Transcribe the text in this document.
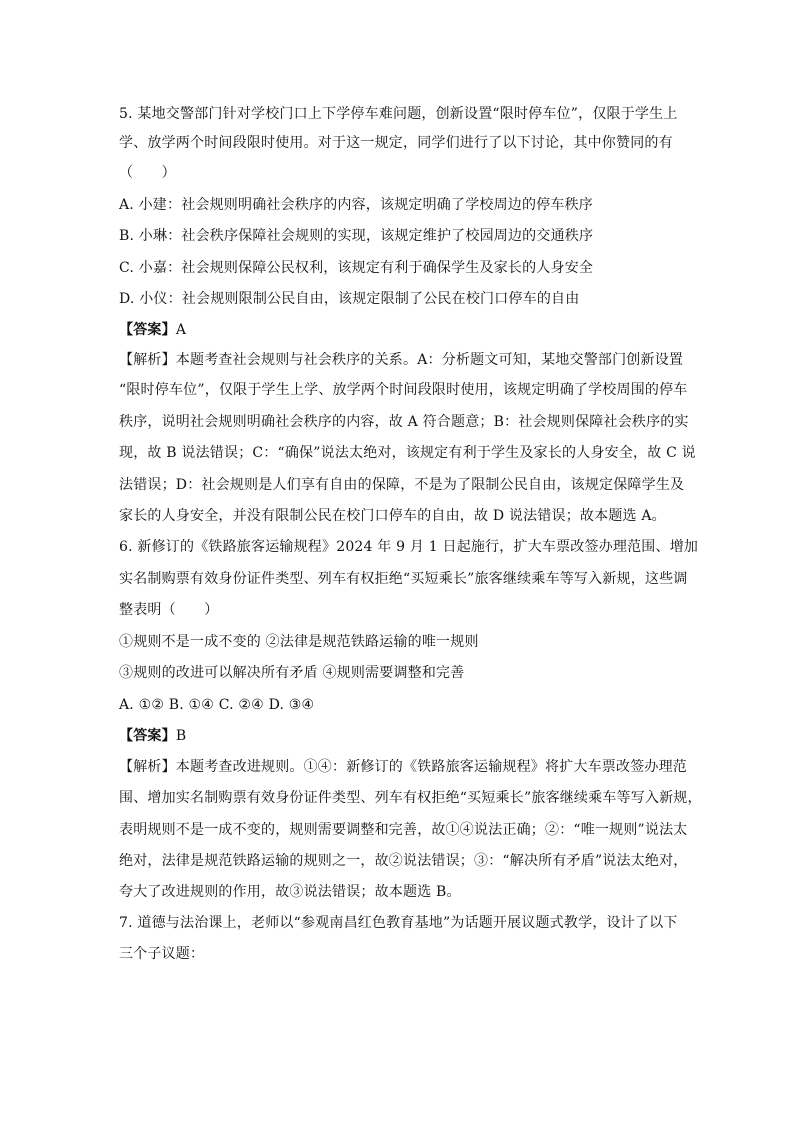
5. 某地交警部门针对学校门口上下学停车难问题，创新设置“限时停车位”，仅限于学生上
学、放学两个时间段限时使用。对于这一规定，同学们进行了以下讨论，其中你赞同的有
（　　）
A. 小建：社会规则明确社会秩序的内容，该规定明确了学校周边的停车秩序
B. 小琳：社会秩序保障社会规则的实现，该规定维护了校园周边的交通秩序
C. 小嘉：社会规则保障公民权利，该规定有利于确保学生及家长的人身安全
D. 小仪：社会规则限制公民自由，该规定限制了公民在校门口停车的自由
【答案】A
【解析】本题考查社会规则与社会秩序的关系。A：分析题文可知，某地交警部门创新设置
“限时停车位”，仅限于学生上学、放学两个时间段限时使用，该规定明确了学校周围的停车
秩序，说明社会规则明确社会秩序的内容，故 A 符合题意；B：社会规则保障社会秩序的实
现，故 B 说法错误；C：“确保”说法太绝对，该规定有利于学生及家长的人身安全，故 C 说
法错误；D：社会规则是人们享有自由的保障，不是为了限制公民自由，该规定保障学生及
家长的人身安全，并没有限制公民在校门口停车的自由，故 D 说法错误；故本题选 A。
6. 新修订的《铁路旅客运输规程》2024 年 9 月 1 日起施行，扩大车票改签办理范围、增加
实名制购票有效身份证件类型、列车有权拒绝“买短乘长”旅客继续乘车等写入新规，这些调
整表明（　　）
①规则不是一成不变的 ②法律是规范铁路运输的唯一规则
③规则的改进可以解决所有矛盾 ④规则需要调整和完善
A. ①② B. ①④ C. ②④ D. ③④
【答案】B
【解析】本题考查改进规则。①④：新修订的《铁路旅客运输规程》将扩大车票改签办理范
围、增加实名制购票有效身份证件类型、列车有权拒绝“买短乘长”旅客继续乘车等写入新规，
表明规则不是一成不变的，规则需要调整和完善，故①④说法正确；②：“唯一规则”说法太
绝对，法律是规范铁路运输的规则之一，故②说法错误；③：“解决所有矛盾”说法太绝对，
夸大了改进规则的作用，故③说法错误；故本题选 B。
7. 道德与法治课上，老师以“参观南昌红色教育基地”为话题开展议题式教学，设计了以下
三个子议题：
